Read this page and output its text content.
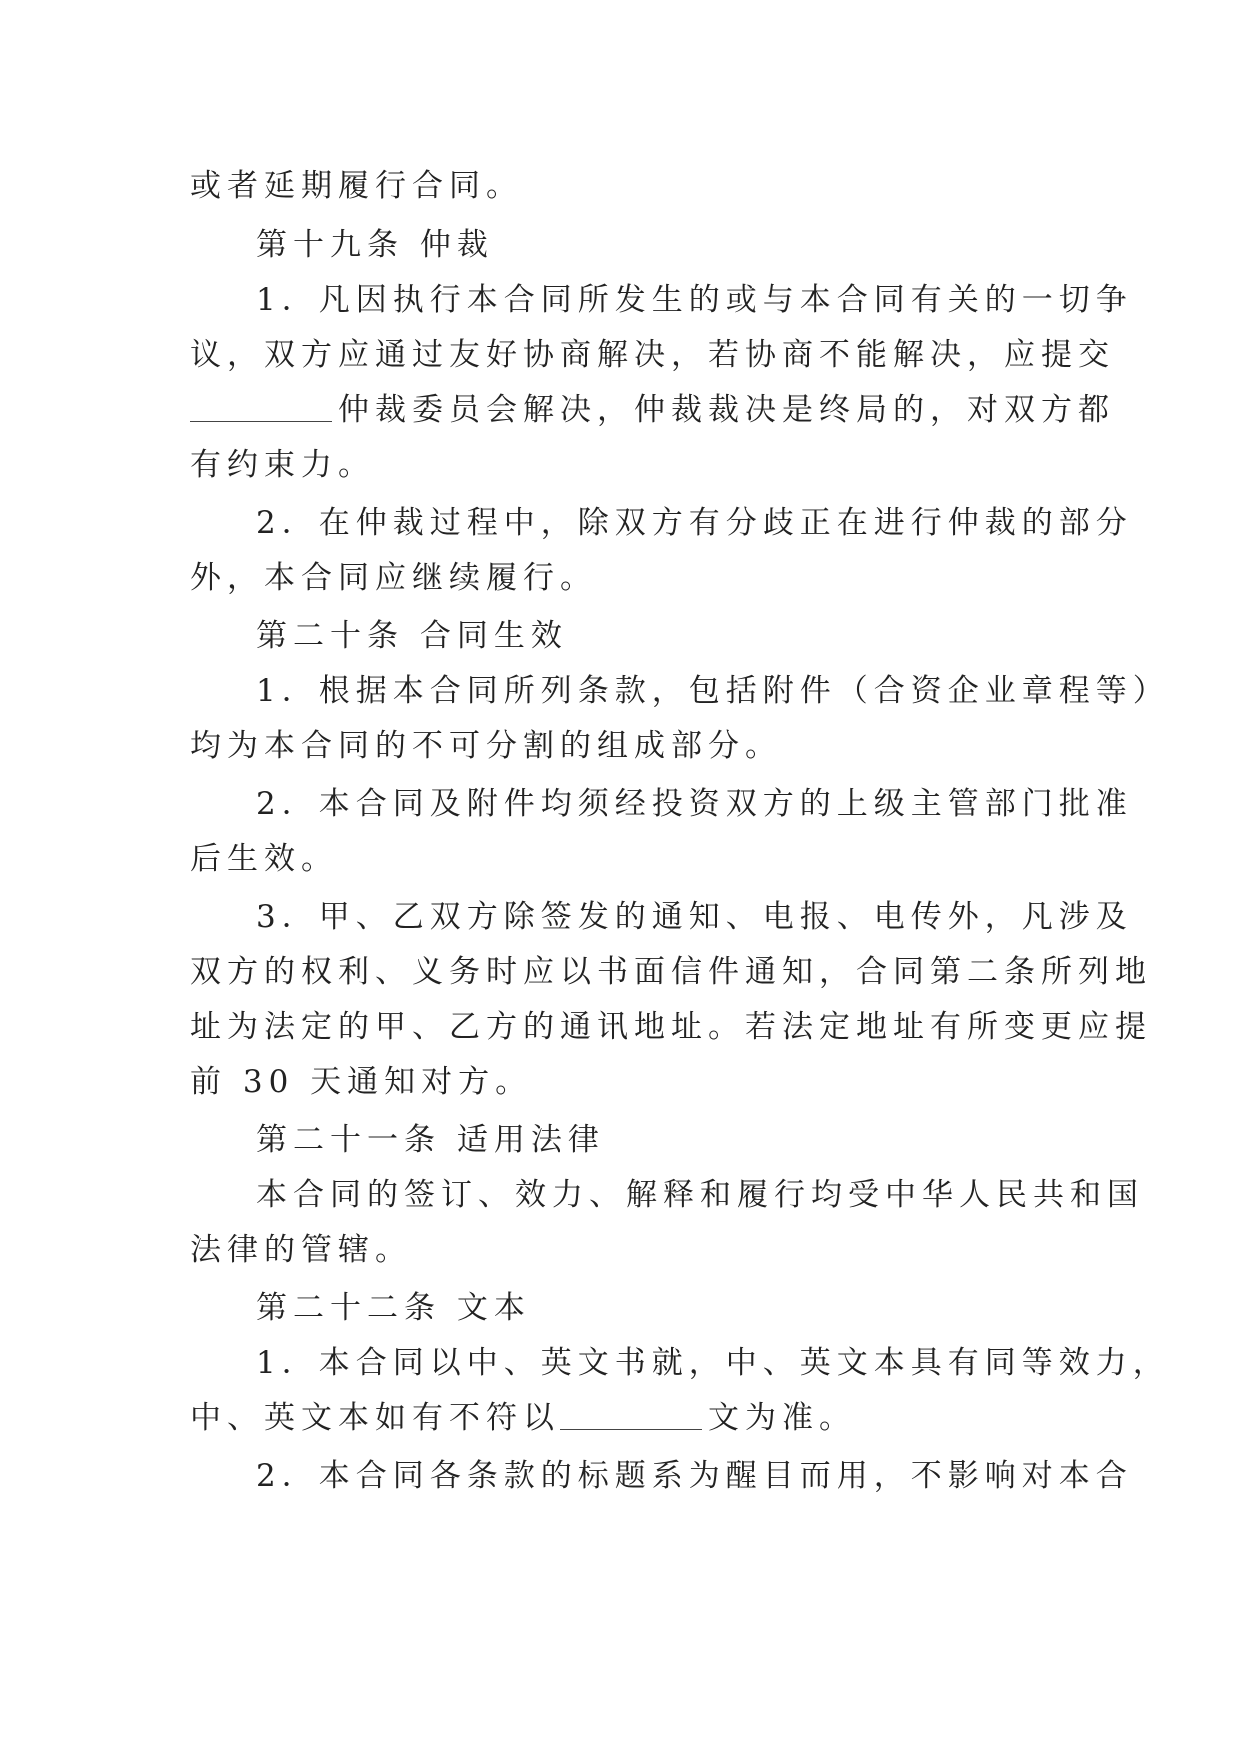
或者延期履行合同。
第十九条 仲裁
1．凡因执行本合同所发生的或与本合同有关的一切争
议，双方应通过友好协商解决，若协商不能解决，应提交
仲裁委员会解决，仲裁裁决是终局的，对双方都
有约束力。
2．在仲裁过程中，除双方有分歧正在进行仲裁的部分
外，本合同应继续履行。
第二十条 合同生效
1．根据本合同所列条款，包括附件（合资企业章程等）
均为本合同的不可分割的组成部分。
2．本合同及附件均须经投资双方的上级主管部门批准
后生效。
3．甲、乙双方除签发的通知、电报、电传外，凡涉及
双方的权利、义务时应以书面信件通知，合同第二条所列地
址为法定的甲、乙方的通讯地址。若法定地址有所变更应提
前 30 天通知对方。
第二十一条 适用法律
本合同的签订、效力、解释和履行均受中华人民共和国
法律的管辖。
第二十二条 文本
1．本合同以中、英文书就，中、英文本具有同等效力，
中、英文本如有不符以	文为准。
2．本合同各条款的标题系为醒目而用，不影响对本合
